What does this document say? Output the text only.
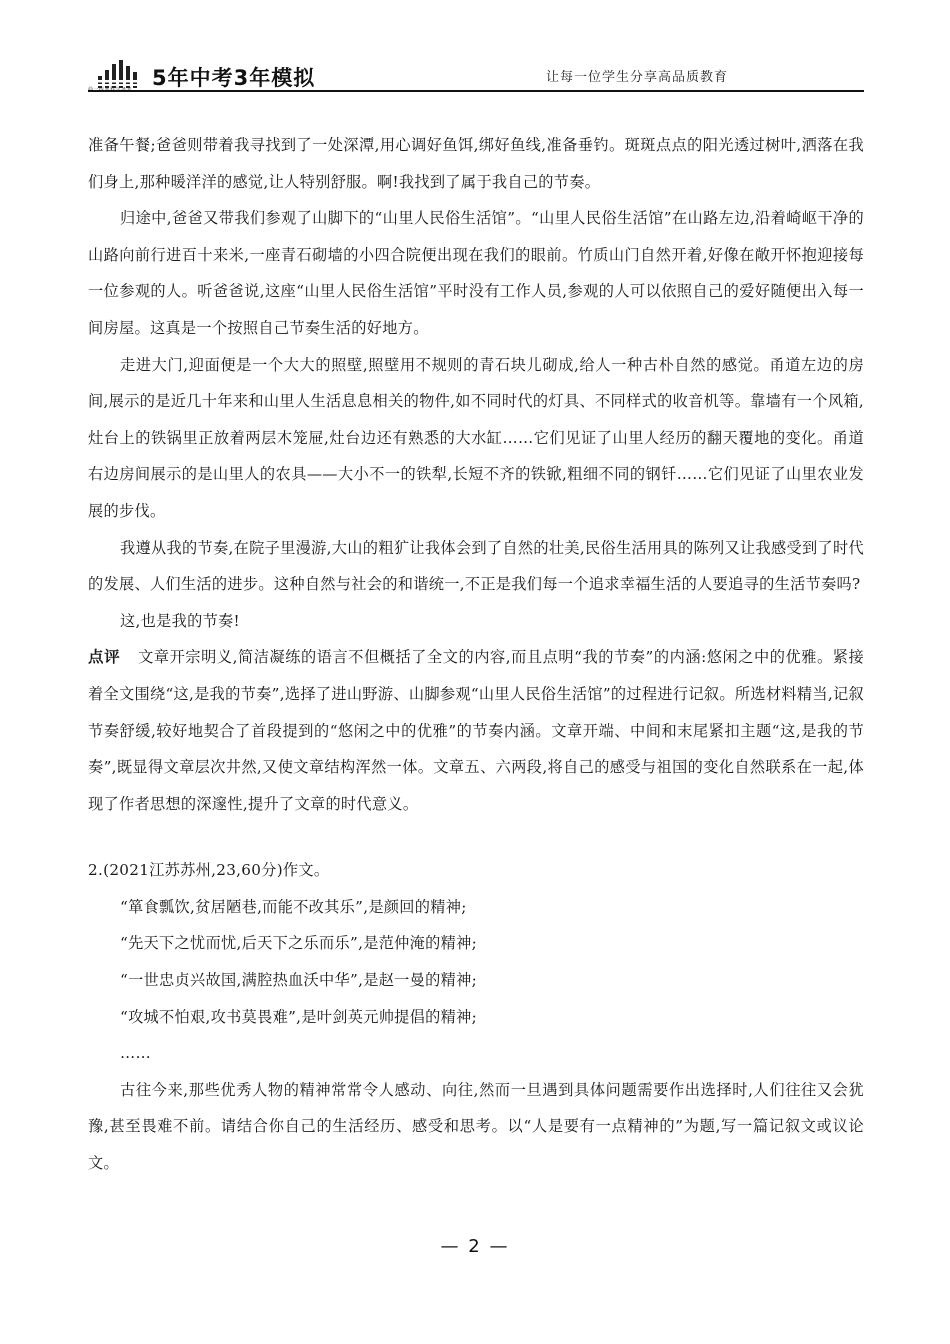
5年中考3年模拟	让每一位学生分享高品质教育

准备午餐;爸爸则带着我寻找到了一处深潭,用心调好鱼饵,绑好鱼线,准备垂钓。斑斑点点的阳光透过树叶,洒落在我们身上,那种暖洋洋的感觉,让人特别舒服。啊!我找到了属于我自己的节奏。

归途中,爸爸又带我们参观了山脚下的“山里人民俗生活馆”。“山里人民俗生活馆”在山路左边,沿着崎岖干净的山路向前行进百十来米,一座青石砌墙的小四合院便出现在我们的眼前。竹质山门自然开着,好像在敞开怀抱迎接每一位参观的人。听爸爸说,这座“山里人民俗生活馆”平时没有工作人员,参观的人可以依照自己的爱好随便出入每一间房屋。这真是一个按照自己节奏生活的好地方。

走进大门,迎面便是一个大大的照壁,照壁用不规则的青石块儿砌成,给人一种古朴自然的感觉。甬道左边的房间,展示的是近几十年来和山里人生活息息相关的物件,如不同时代的灯具、不同样式的收音机等。靠墙有一个风箱,灶台上的铁锅里正放着两层木笼屉,灶台边还有熟悉的大水缸……它们见证了山里人经历的翻天覆地的变化。甬道右边房间展示的是山里人的农具——大小不一的铁犁,长短不齐的铁锨,粗细不同的钢钎……它们见证了山里农业发展的步伐。

我遵从我的节奏,在院子里漫游,大山的粗犷让我体会到了自然的壮美,民俗生活用具的陈列又让我感受到了时代的发展、人们生活的进步。这种自然与社会的和谐统一,不正是我们每一个追求幸福生活的人要追寻的生活节奏吗?

这,也是我的节奏!

点评 文章开宗明义,简洁凝练的语言不但概括了全文的内容,而且点明“我的节奏”的内涵:悠闲之中的优雅。紧接着全文围绕“这,是我的节奏”,选择了进山野游、山脚参观“山里人民俗生活馆”的过程进行记叙。所选材料精当,记叙节奏舒缓,较好地契合了首段提到的“悠闲之中的优雅”的节奏内涵。文章开端、中间和末尾紧扣主题“这,是我的节奏”,既显得文章层次井然,又使文章结构浑然一体。文章五、六两段,将自己的感受与祖国的变化自然联系在一起,体现了作者思想的深邃性,提升了文章的时代意义。

2.(2021江苏苏州,23,60分)作文。

“箪食瓢饮,贫居陋巷,而能不改其乐”,是颜回的精神;

“先天下之忧而忧,后天下之乐而乐”,是范仲淹的精神;

“一世忠贞兴故国,满腔热血沃中华”,是赵一曼的精神;

“攻城不怕艰,攻书莫畏难”,是叶剑英元帅提倡的精神;

……

古往今来,那些优秀人物的精神常常令人感动、向往,然而一旦遇到具体问题需要作出选择时,人们往往又会犹豫,甚至畏难不前。请结合你自己的生活经历、感受和思考。以“人是要有一点精神的”为题,写一篇记叙文或议论文。

— 2 —
